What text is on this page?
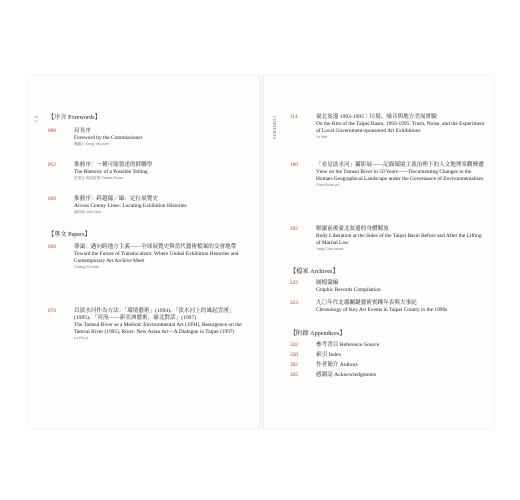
0 3 【序言 Forewords】
008	局長序
Foreword by the Commissioner
龔鵬宇 Kung Yau-wen
012	推薦序：一種可能敘述的群聯學
The Rhetoric of a Possible Telling
派提克·佛洛雷斯 Patrick Flores
020	推薦序：跨越縣／線：定位展覽史
Across County Lines: Locating Exhibition Histories
蘇約翰 John Sao
【專文 Papers】
028	導論：邁向跨地方主義——全球展覽史與當代藝術檔案的交會地帶
Toward the Future of Translocalism: Where Global Exhibition Histories and Contemporary Art Archive Meet
Chiang Po-shin
074	以淡水河作為方法：「環境藝術」(1994)、「淡水河上的風起雲湧」(1995)、「河流——新亞洲藝術，臺北對話」(1997)
The Tamsui River as a Method: Environmental Art (1994), Resurgence on the Tamsui River (1995), River: New Asian Art—A Dialogue in Taipei (1997)
Lu Pei-yi
CONTENTS	114	臺北盆邊 1993-1995｜垃圾、噪音與地方美展實驗
On the Rim of the Taipei Basin, 1993-1995: Trash, Noise, and the Experiment of Local Government-sponsored Art Exhibitions
Yu Wei
160	「看見淡水河」攝影展——記錄環境主義治理下的人文地理景觀變遷
View on the Tamsui River in 50 Years——Documenting Changes in the Human-Geographical Landscape under the Governance of Environmentalism
Chen Kuan-yu
202	解嚴前後臺北盆邊的身體解放
Body Liberation at the Sides of the Taipei Basin Before and After the Lifting of Martial Law
Yang Chia-hsuan
【檔案 Archives】
223	圖檔彙編
Graphic Records Compilation
323	九〇年代北縣關鍵藝術實踐年表與大事紀
Chronology of Key Art Events in Taipei County in the 1990s
【附錄 Appendices】
342	參考書目 Reference Source
350	索引 Index
362	作者簡介 Authors
365	感謝誌 Acknowledgments
